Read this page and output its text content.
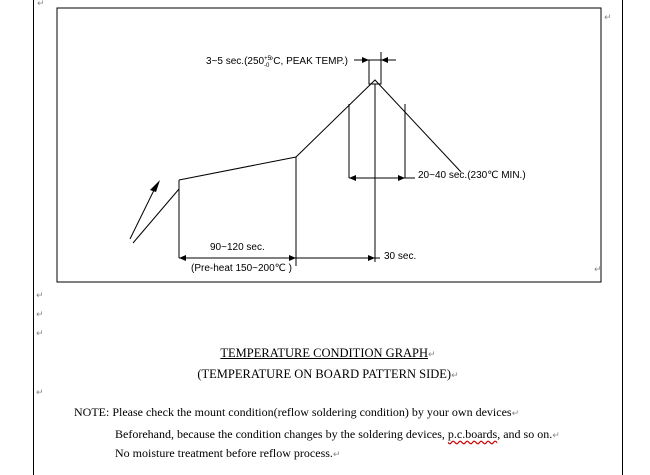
↵
↵
↵
↵
↵
↵
↵
3~5 $\sec.(250^{+5}$ -0°C, PEAK TEMP.)
20~40 sec.(230℃ MIN.)
90~120 sec.
(Pre-heat 150~200℃ )
30 sec.
TEMPERATURE CONDITION GRAPH↵
(TEMPERATURE ON BOARD PATTERN SIDE)↵
NOTE: Please check the mount condition(reflow soldering condition) by your own devices↵
Beforehand, because the condition changes by the soldering devices, p.c.boards, and so on.↵
No moisture treatment before reflow process.↵
